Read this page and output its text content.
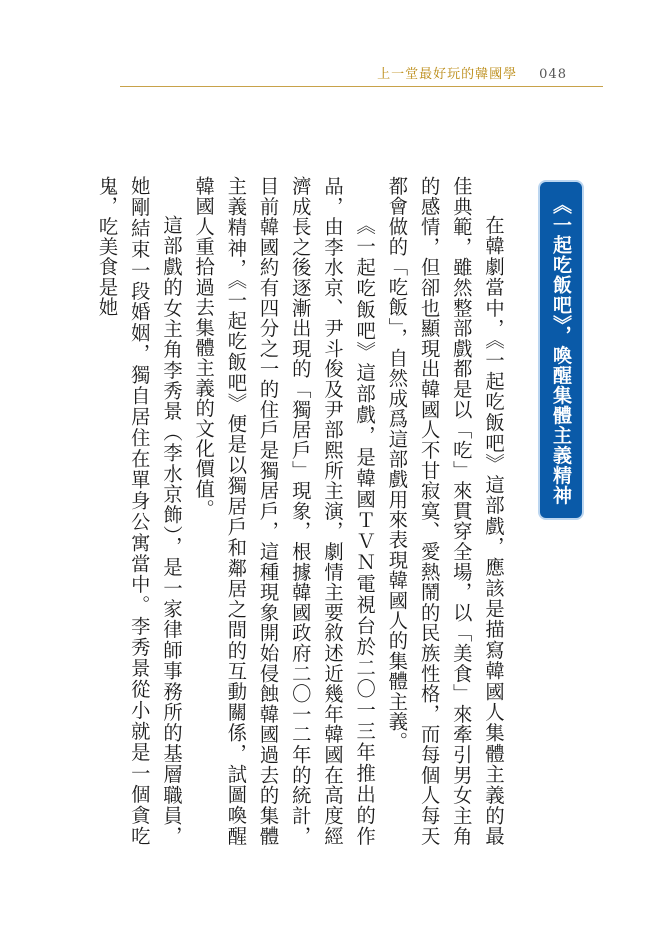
上一堂最好玩的韓國學 048
《一起吃飯吧》，喚醒集體主義精神

在韓劇當中，《一起吃飯吧》這部戲，應該是描寫韓國人集體主義的最佳典範，雖然整部戲都是以「吃」來貫穿全場，以「美食」來牽引男女主角的感情，但卻也顯現出韓國人不甘寂寞、愛熱鬧的民族性格，而每個人每天都會做的「吃飯」，自然成爲這部戲用來表現韓國人的集體主義。

《一起吃飯吧》這部戲，是韓國ＴＶＮ電視台於二〇一三年推出的作品，由李水京、尹斗俊及尹部熙所主演，劇情主要敘述近幾年韓國在高度經濟成長之後逐漸出現的「獨居戶」現象，根據韓國政府二〇一二年的統計，目前韓國約有四分之一的住戶是獨居戶，這種現象開始侵蝕韓國過去的集體主義精神，《一起吃飯吧》便是以獨居戶和鄰居之間的互動關係，試圖喚醒韓國人重拾過去集體主義的文化價值。

這部戲的女主角李秀景（李水京飾），是一家律師事務所的基層職員，她剛結束一段婚姻，獨自居住在單身公寓當中。李秀景從小就是一個貪吃鬼，吃美食是她
